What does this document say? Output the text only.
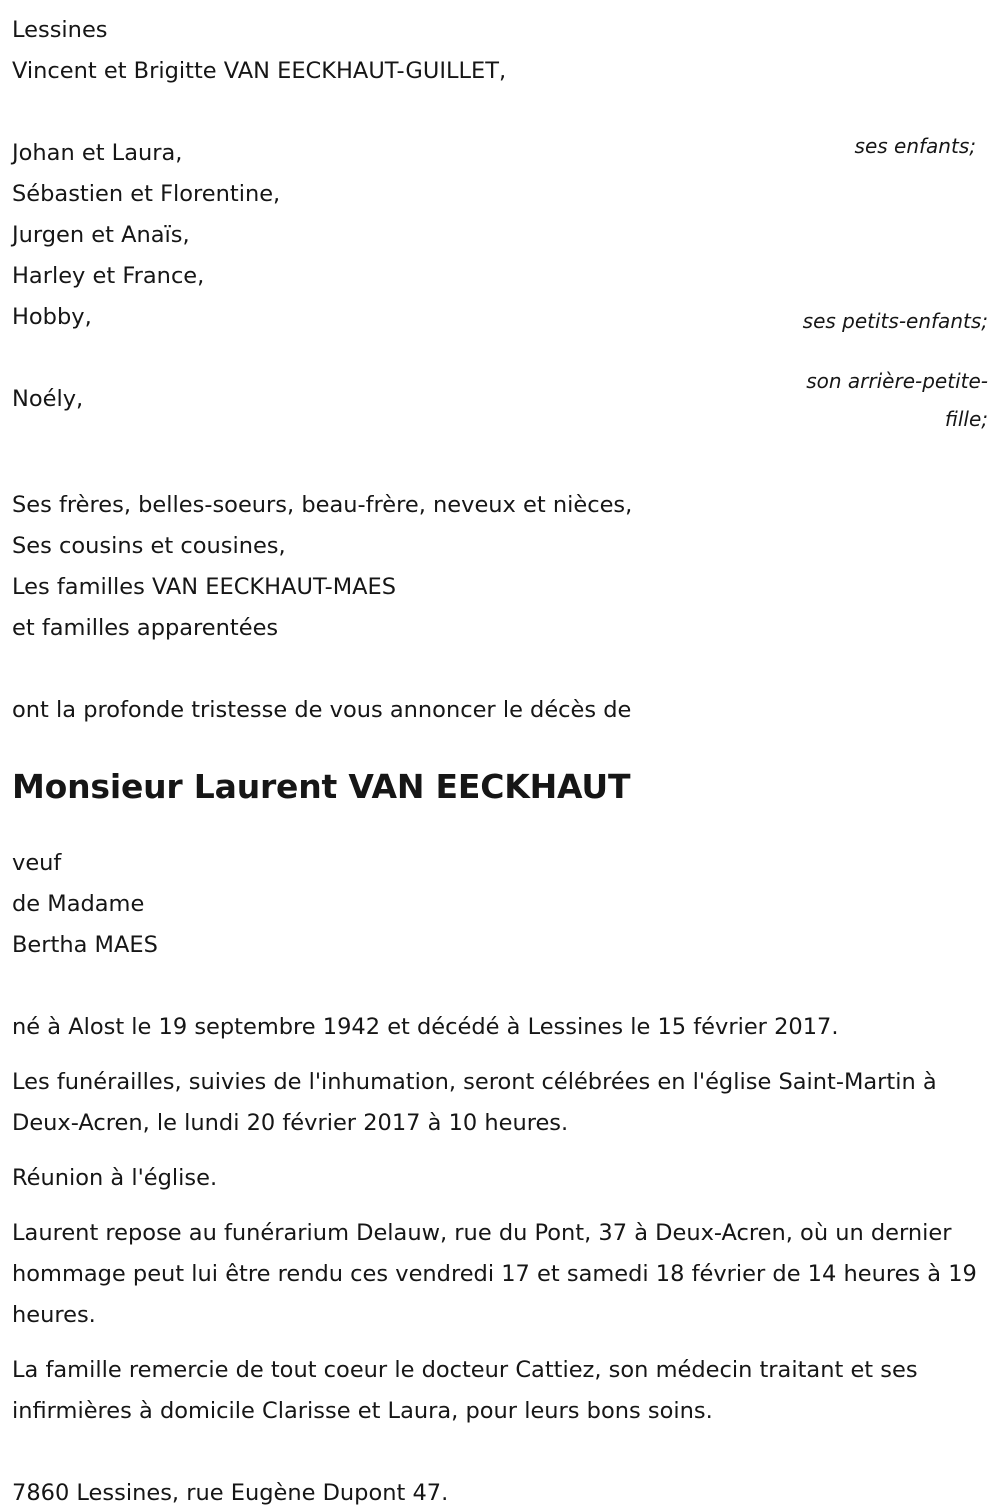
Lessines
Vincent et Brigitte VAN EECKHAUT-GUILLET,
ses enfants;
Johan et Laura,
Sébastien et Florentine,
Jurgen et Anaïs,
Harley et France,
Hobby,	ses petits-enfants;
Noély,
son arrière-petite-
fille;
Ses frères, belles-soeurs, beau-frère, neveux et nièces,
Ses cousins et cousines,
Les familles VAN EECKHAUT-MAES
et familles apparentées
ont la profonde tristesse de vous annoncer le décès de
Monsieur Laurent VAN EECKHAUT
veuf
de Madame
Bertha MAES

né à Alost le 19 septembre 1942 et décédé à Lessines le 15 février 2017.

Les funérailles, suivies de l'inhumation, seront célébrées en l'église Saint-Martin à Deux-Acren, le lundi 20 février 2017 à 10 heures.

Réunion à l'église.

Laurent repose au funérarium Delauw, rue du Pont, 37 à Deux-Acren, où un dernier hommage peut lui être rendu ces vendredi 17 et samedi 18 février de 14 heures à 19 heures.

La famille remercie de tout coeur le docteur Cattiez, son médecin traitant et ses infirmières à domicile Clarisse et Laura, pour leurs bons soins.

7860 Lessines, rue Eugène Dupont 47.
